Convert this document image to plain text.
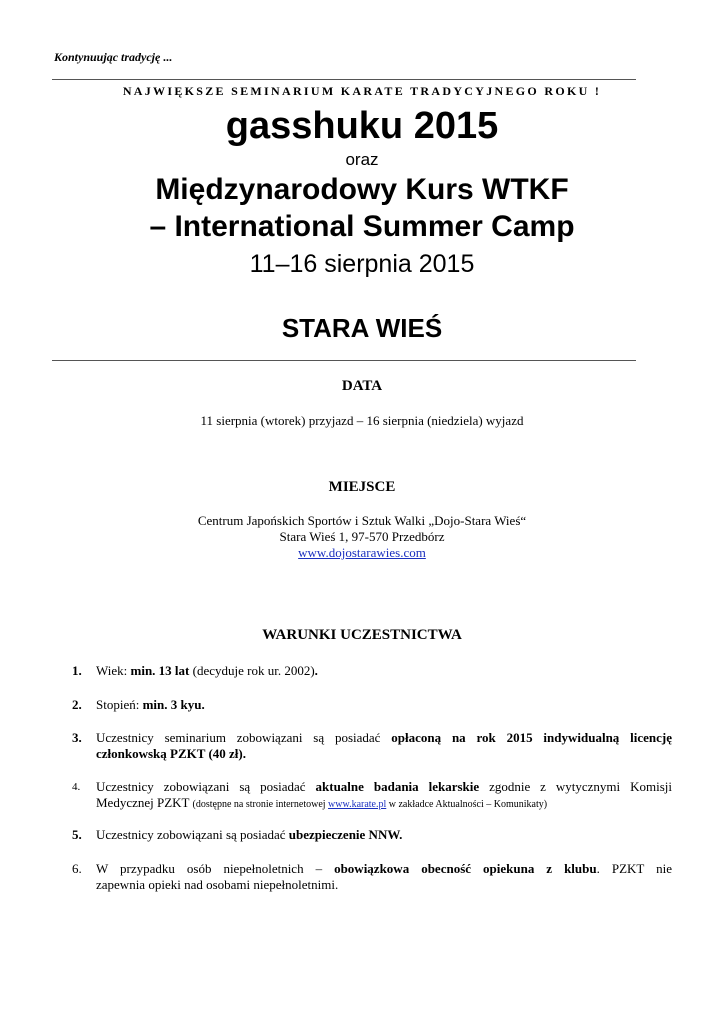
Kontynuując tradycję ...
NAJWIĘKSZE SEMINARIUM KARATE TRADYCYJNEGO ROKU !
gasshuku 2015
oraz
Międzynarodowy Kurs WTKF
– International Summer Camp
11–16 sierpnia 2015
STARA WIEŚ
DATA
11 sierpnia (wtorek) przyjazd – 16 sierpnia (niedziela) wyjazd
MIEJSCE
Centrum Japońskich Sportów i Sztuk Walki „Dojo-Stara Wieś“
Stara Wieś 1, 97-570 Przedbórz
www.dojostarawies.com
WARUNKI UCZESTNICTWA
1.	Wiek: min. 13 lat (decyduje rok ur. 2002).
2.	Stopień: min. 3 kyu.
3.	Uczestnicy seminarium zobowiązani są posiadać opłaconą na rok 2015 indywidualną licencję
członkowską PZKT (40 zł).
4.	Uczestnicy zobowiązani są posiadać aktualne badania lekarskie zgodnie z wytycznymi Komisji
Medycznej PZKT (dostępne na stronie internetowej www.karate.pl w zakładce Aktualności – Komunikaty)
5.	Uczestnicy zobowiązani są posiadać ubezpieczenie NNW.
6.	W przypadku osób niepełnoletnich – obowiązkowa obecność opiekuna z klubu. PZKT nie
zapewnia opieki nad osobami niepełnoletnimi.
